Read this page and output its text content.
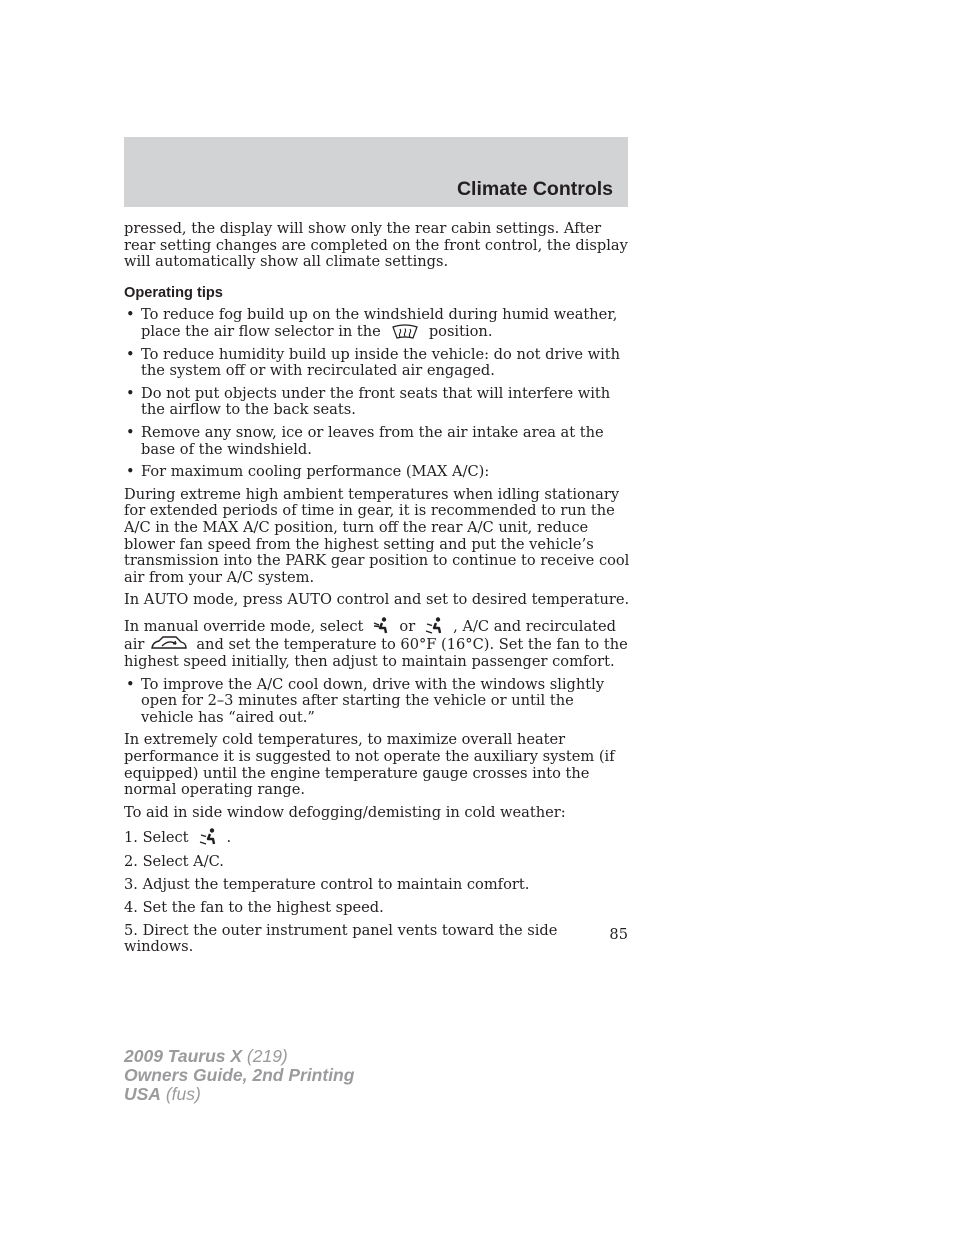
Climate Controls

pressed, the display will show only the rear cabin settings. After rear setting changes are completed on the front control, the display will automatically show all climate settings.

Operating tips
• To reduce fog build up on the windshield during humid weather, place the air flow selector in the	position.
• To reduce humidity build up inside the vehicle: do not drive with the system off or with recirculated air engaged.
• Do not put objects under the front seats that will interfere with the airflow to the back seats.
• Remove any snow, ice or leaves from the air intake area at the base of the windshield.
• For maximum cooling performance (MAX A/C):

During extreme high ambient temperatures when idling stationary for extended periods of time in gear, it is recommended to run the A/C in the MAX A/C position, turn off the rear A/C unit, reduce blower fan speed from the highest setting and put the vehicle’s transmission into the PARK gear position to continue to receive cool air from your A/C system.

In AUTO mode, press AUTO control and set to desired temperature.

In manual override mode, select or	, A/C and recirculated
air	and set the temperature to 60°F (16°C). Set the fan to the highest speed initially, then adjust to maintain passenger comfort.

• To improve the A/C cool down, drive with the windows slightly open for 2–3 minutes after starting the vehicle or until the vehicle has “aired out.”

In extremely cold temperatures, to maximize overall heater performance it is suggested to not operate the auxiliary system (if equipped) until the engine temperature gauge crosses into the normal operating range.

To aid in side window defogging/demisting in cold weather:

1. Select	.
2. Select A/C.
3. Adjust the temperature control to maintain comfort.
4. Set the fan to the highest speed.
5. Direct the outer instrument panel vents toward the side windows.

85

2009 Taurus X (219)
Owners Guide, 2nd Printing
USA (fus)
